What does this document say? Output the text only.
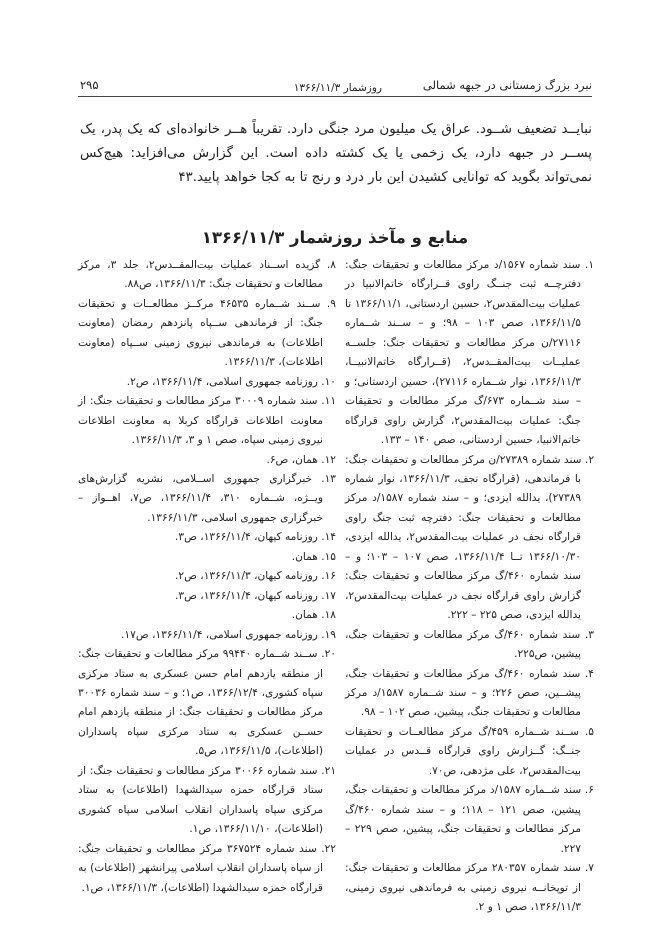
نبرد بزرگ زمستانی در جبهه شمالی
روزشمار ۱۳۶۶/۱۱/۳
۲۹۵

نبایــد تضعیف شــود. عراق یک میلیون مرد جنگی دارد. تقریباً هــر خانواده‌ای که یک پدر، یک پســر در جبهه دارد، یک زخمی یا یک کشته داده است. این گزارش می‌افزاید: هیچ‌کس نمی‌تواند بگوید که توانایی کشیدن این بار درد و رنج تا به کجا خواهد پایید.۴۳

منابع و مآخذ روزشمار ۱۳۶۶/۱۱/۳

۱. سند شماره ۱۵۶۷/د مرکز مطالعات و تحقیقات جنگ: دفترچــه ثبت جنــگ راوی قــرارگاه خاتم‌الانبیا در عملیات بیت‌المقدس۲، حسین اردستانی، ۱۳۶۶/۱۱/۱ تا ۱۳۶۶/۱۱/۵، صص ۱۰۳ – ۹۸؛ و – ســند شــماره ۲۷۱۱۶/ن مرکز مطالعات و تحقیقات جنگ: جلســه عملیــات بیت‌المقــدس۲، (قــرارگاه خاتم‌الانبیــا، ۱۳۶۶/۱۱/۳، نوار شــماره ۲۷۱۱۶)، حسین اردستانی؛ و – سند شــماره ۶۷۳/گ مرکز مطالعات و تحقیقات جنگ: عملیات بیت‌المقدس۲، گزارش راوی قرارگاه خاتم‌الانبیا، حسین اردستانی، صص ۱۴۰ – ۱۳۳.

۲. سند شماره ۲۷۳۸۹/ن مرکز مطالعات و تحقیقات جنگ: با فرماندهی، (قرارگاه نجف، ۱۳۶۶/۱۱/۳، نوار شماره ۲۷۳۸۹)، یدالله ایزدی؛ و – سند شماره ۱۵۸۷/د مرکز مطالعات و تحقیقات جنگ: دفترچه ثبت جنگ راوی قرارگاه نجف در عملیات بیت‌المقدس۲، یدالله ایزدی، ۱۳۶۶/۱۰/۳۰ تــا ۱۳۶۶/۱۱/۴، صص ۱۰۷ – ۱۰۳؛ و – سند شماره ۴۶۰/گ مرکز مطالعات و تحقیقات جنگ: گزارش راوی قرارگاه نجف در عملیات بیت‌المقدس۲، یدالله ایزدی، صص ۲۲۵ – ۲۲۲.

۳. سند شماره ۴۶۰/گ مرکز مطالعات و تحقیقات جنگ، پیشین، ص۲۲۵.

۴. سند شماره ۴۶۰/گ مرکز مطالعات و تحقیقات جنگ، پیشــین، صص ۲۲۶؛ و – سند شــماره ۱۵۸۷/د مرکز مطالعات و تحقیقات جنگ، پیشین، صص ۱۰۲ – ۹۸.

۵. ســند شــماره ۴۵۹/گ مرکز مطالعــات و تحقیقات جنــگ: گــزارش راوی قرارگاه قــدس در عملیات بیت‌المقدس۲، علی مژدهی، ص۷۰.

۶. سند شــماره ۱۵۸۷/د مرکز مطالعات و تحقیقات جنگ، پیشین، صص ۱۲۱ – ۱۱۸؛ و – سند شماره ۴۶۰/گ مرکز مطالعات و تحقیقات جنگ، پیشین، صص ۲۲۹ – ۲۲۷.

۷. سند شماره ۲۸۰۳۵۷ مرکز مطالعات و تحقیقات جنگ: از توپخانــه نیروی زمینی به فرماندهی نیروی زمینی، ۱۳۶۶/۱۱/۳، صص ۱ و ۲.

۸. گزیده اســناد عملیات بیت‌المقــدس۲، جلد ۳، مرکز مطالعات و تحقیقات جنگ: ۱۳۶۶/۱۱/۳، ص۸۸.

۹. ســند شــماره ۴۶۵۳۵ مرکــز مطالعــات و تحقیقات جنگ: از فرماندهی ســپاه پانزدهم رمضان (معاونت اطلاعات) به فرماندهی نیروی زمینی ســپاه (معاونت اطلاعات)، ۱۳۶۶/۱۱/۳.

۱۰. روزنامه جمهوری اسلامی، ۱۳۶۶/۱۱/۴، ص۲.

۱۱. سند شماره ۳۰۰۰۹ مرکز مطالعات و تحقیقات جنگ: از معاونت اطلاعات قرارگاه کربلا به معاونت اطلاعات نیروی زمینی سپاه، صص ۱ و ۳، ۱۳۶۶/۱۱/۳.

۱۲. همان، ص۶.

۱۳. خبرگزاری جمهوری اســلامی، نشریه گزارش‌های ویــژه، شــماره ۳۱۰، ۱۳۶۶/۱۱/۴، ص۷، اهــواز – خبرگزاری جمهوری اسلامی، ۱۳۶۶/۱۱/۳.

۱۴. روزنامه کیهان، ۱۳۶۶/۱۱/۴، ص۳.

۱۵. همان.

۱۶. روزنامه کیهان، ۱۳۶۶/۱۱/۳، ص۲.

۱۷. روزنامه کیهان، ۱۳۶۶/۱۱/۴، ص۳.

۱۸. همان.

۱۹. روزنامه جمهوری اسلامی، ۱۳۶۶/۱۱/۴، ص۱۷.

۲۰. ســند شــماره ۹۹۴۴۰ مرکز مطالعات و تحقیقات جنگ: از منطقه یازدهم امام حسن عسکری به ستاد مرکزی سپاه کشوری، ۱۳۶۶/۱۲/۴، ص۱؛ و – سند شماره ۳۰۰۳۶ مرکز مطالعات و تحقیقات جنگ: از منطقه یازدهم امام حســن عسکری به ستاد مرکزی سپاه پاسداران (اطلاعات)، ۱۳۶۶/۱۱/۵، ص۵.

۲۱. سند شماره ۳۰۰۶۶ مرکز مطالعات و تحقیقات جنگ: از ستاد قرارگاه حمزه سیدالشهدا (اطلاعات) به ستاد مرکزی سپاه پاسداران انقلاب اسلامی سپاه کشوری (اطلاعات)، ۱۳۶۶/۱۱/۱۰، ص۱.

۲۲. سند شماره ۳۶۷۵۲۴ مرکز مطالعات و تحقیقات جنگ: از سپاه پاسداران انقلاب اسلامی پیرانشهر (اطلاعات) به قرارگاه حمزه سیدالشهدا (اطلاعات)، ۱۳۶۶/۱۱/۳، ص۱.
